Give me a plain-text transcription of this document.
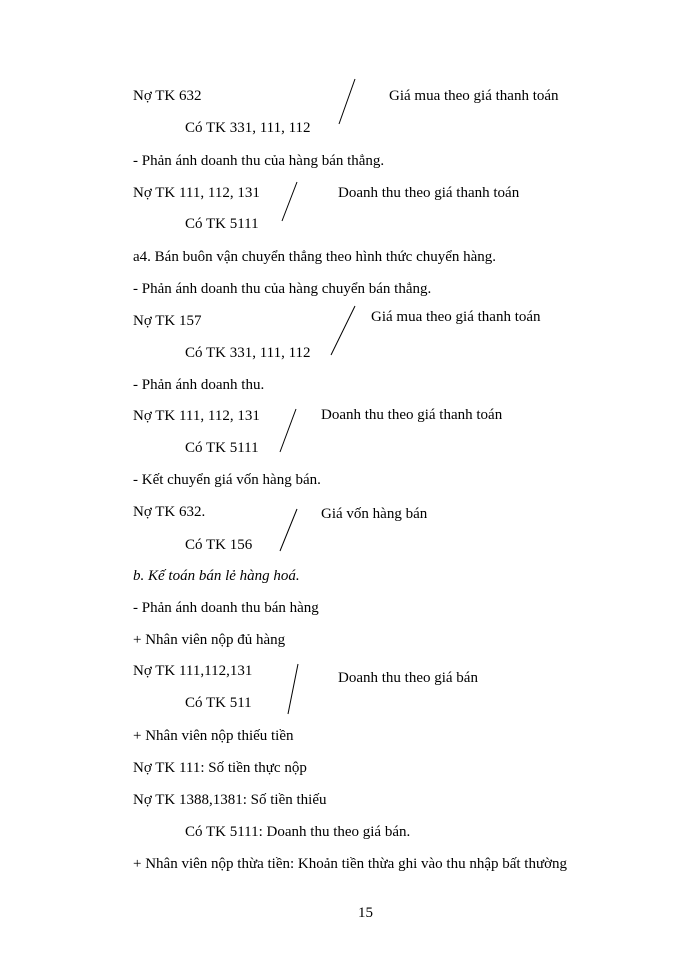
Nợ TK 632	Giá mua theo giá thanh toán
Có TK 331, 111, 112
- Phản ánh doanh thu của hàng bán thẳng.
Nợ TK 111, 112, 131	Doanh thu theo giá thanh toán
Có TK 5111
a4. Bán buôn vận chuyển thẳng theo hình thức chuyển hàng.
- Phản ánh doanh thu của hàng chuyển bán thẳng.
Nợ TK 157	Giá mua theo giá thanh toán
Có TK 331, 111, 112
- Phản ánh doanh thu.
Nợ TK 111, 112, 131	Doanh thu theo giá thanh toán
Có TK 5111
- Kết chuyển giá vốn hàng bán.
Nợ TK 632.	Giá vốn hàng bán
Có TK 156
b. Kế toán bán lẻ hàng hoá.
- Phản ánh doanh thu bán hàng
+ Nhân viên nộp đủ hàng
Nợ TK 111,112,131	Doanh thu theo giá bán
Có TK 511
+ Nhân viên nộp thiếu tiền
Nợ TK 111: Số tiền thực nộp
Nợ TK 1388,1381: Số tiền thiếu
Có TK 5111: Doanh thu theo giá bán.
+ Nhân viên nộp thừa tiền: Khoản tiền thừa ghi vào thu nhập bất thường
15
